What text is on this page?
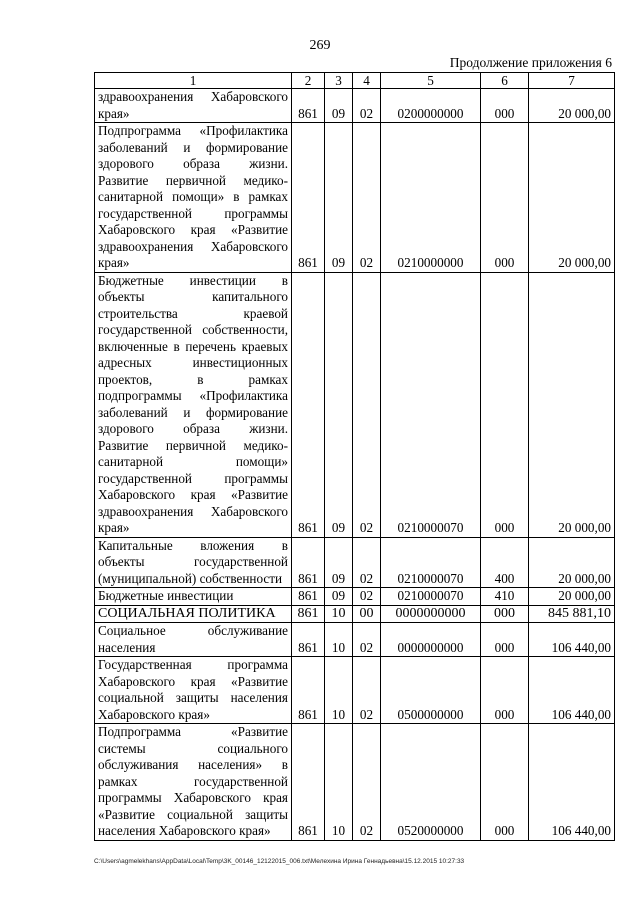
269
Продолжение приложения 6
1	2	3	4	5	6	7
здравоохранения Хабаровского края»	861	09	02	0200000000	000	20 000,00
Подпрограмма «Профилактика заболеваний и формирование здорового образа жизни. Развитие первичной медико-санитарной помощи» в рамках государственной программы Хабаровского края «Развитие здравоохранения Хабаровского края»	861	09	02	0210000000	000	20 000,00
Бюджетные инвестиции в объекты капитального строительства краевой государственной собственности, включенные в перечень краевых адресных инвестиционных проектов, в рамках подпрограммы «Профилактика заболеваний и формирование здорового образа жизни. Развитие первичной медико-санитарной помощи» государственной программы Хабаровского края «Развитие здравоохранения Хабаровского края»	861	09	02	0210000070	000	20 000,00
Капитальные вложения в объекты государственной (муниципальной) собственности	861	09	02	0210000070	400	20 000,00
Бюджетные инвестиции	861	09	02	0210000070	410	20 000,00
СОЦИАЛЬНАЯ ПОЛИТИКА	861	10	00	0000000000	000	845 881,10
Социальное обслуживание населения	861	10	02	0000000000	000	106 440,00
Государственная программа Хабаровского края «Развитие социальной защиты населения Хабаровского края»	861	10	02	0500000000	000	106 440,00
Подпрограмма «Развитие системы социального обслуживания населения» в рамках государственной программы Хабаровского края «Развитие социальной защиты населения Хабаровского края»	861	10	02	0520000000	000	106 440,00
C:\Users\agmelekhans\AppData\Local\Temp\3K_00146_12122015_006.txt\Мелехина Ирина Геннадьевна\15.12.2015 10:27:33
